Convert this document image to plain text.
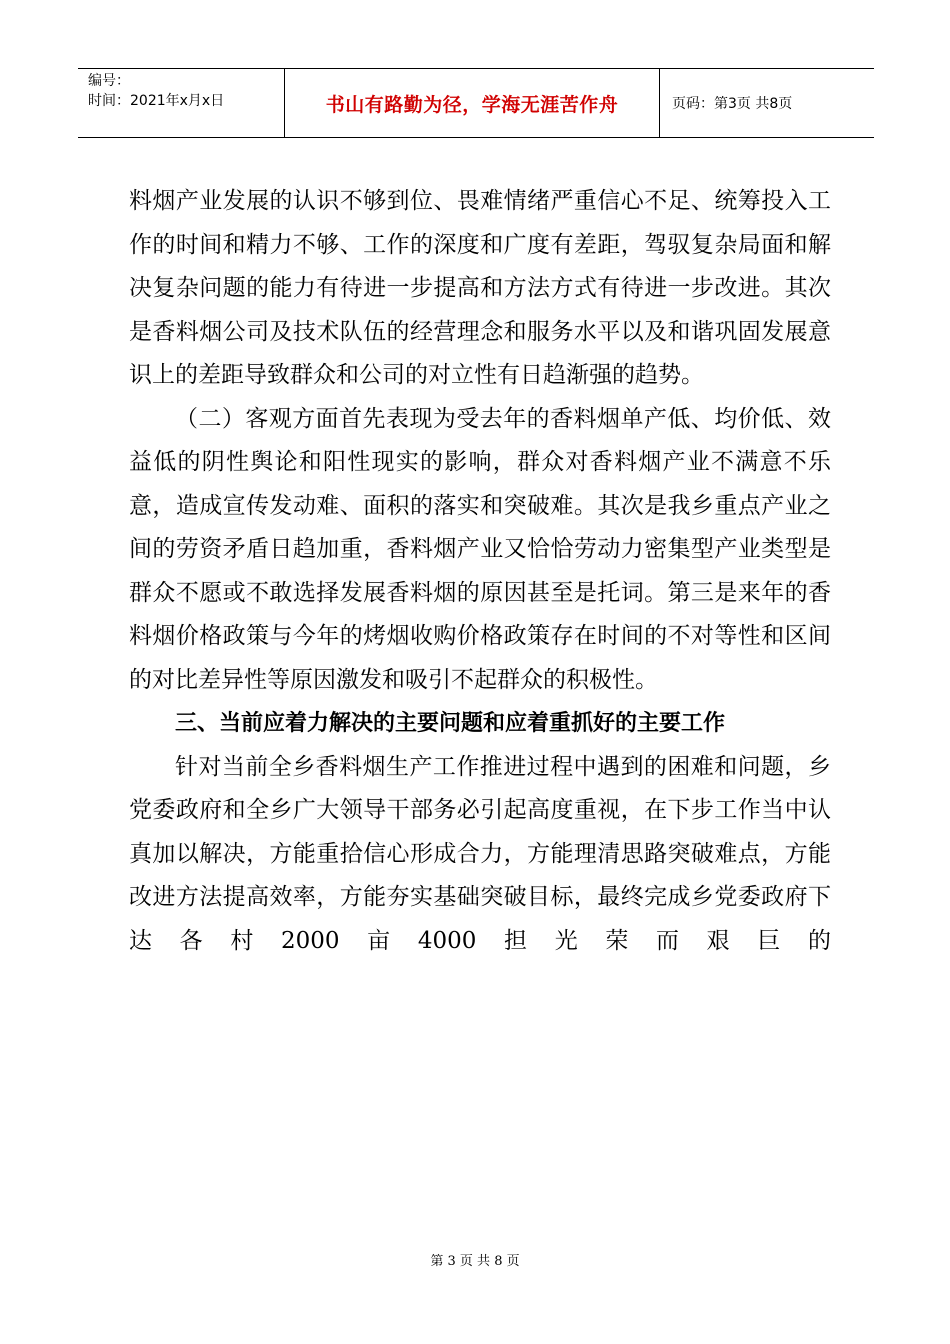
编号：
时间：2021年x月x日	书山有路勤为径，学海无涯苦作舟	页码：第3页 共8页

料烟产业发展的认识不够到位、畏难情绪严重信心不足、统筹投入工作的时间和精力不够、工作的深度和广度有差距，驾驭复杂局面和解决复杂问题的能力有待进一步提高和方法方式有待进一步改进。其次是香料烟公司及技术队伍的经营理念和服务水平以及和谐巩固发展意识上的差距导致群众和公司的对立性有日趋渐强的趋势。

（二）客观方面首先表现为受去年的香料烟单产低、均价低、效益低的阴性舆论和阳性现实的影响，群众对香料烟产业不满意不乐意，造成宣传发动难、面积的落实和突破难。其次是我乡重点产业之间的劳资矛盾日趋加重，香料烟产业又恰恰劳动力密集型产业类型是群众不愿或不敢选择发展香料烟的原因甚至是托词。第三是来年的香料烟价格政策与今年的烤烟收购价格政策存在时间的不对等性和区间的对比差异性等原因激发和吸引不起群众的积极性。

三、当前应着力解决的主要问题和应着重抓好的主要工作

针对当前全乡香料烟生产工作推进过程中遇到的困难和问题，乡党委政府和全乡广大领导干部务必引起高度重视，在下步工作当中认真加以解决，方能重拾信心形成合力，方能理清思路突破难点，方能改进方法提高效率，方能夯实基础突破目标，最终完成乡党委政府下达各村2000亩4000担光荣而艰巨的

第 3 页 共 8 页
